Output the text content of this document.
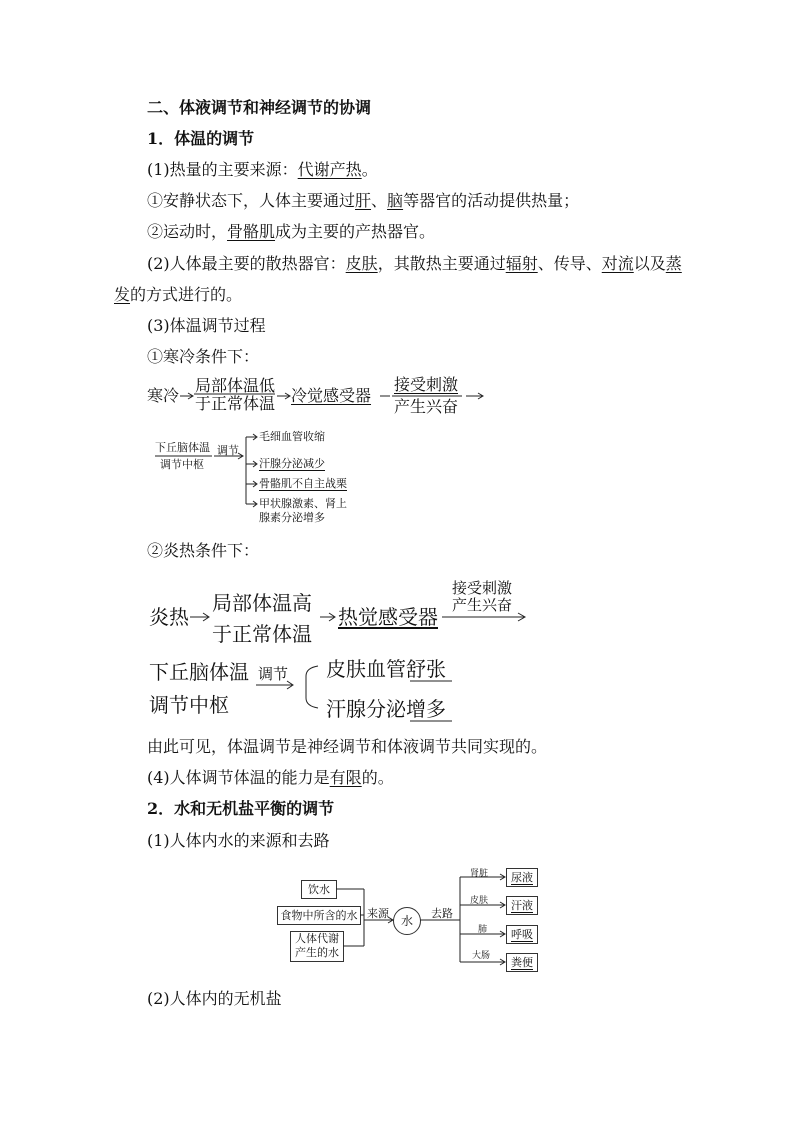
二、体液调节和神经调节的协调
1．体温的调节
(1)热量的主要来源：代谢产热。
①安静状态下，人体主要通过肝、脑等器官的活动提供热量；
②运动时，骨骼肌成为主要的产热器官。
(2)人体最主要的散热器官：皮肤，其散热主要通过辐射、传导、对流以及蒸
发的方式进行的。
(3)体温调节过程
①寒冷条件下：
寒冷
局部体温低
于正常体温 冷觉感受器
接受刺激
产生兴奋
下丘脑体温
调节中枢
调节
毛细血管收缩
汗腺分泌减少
骨骼肌不自主战栗
甲状腺激素、肾上
腺素分泌增多
②炎热条件下：
炎热
局部体温高
于正常体温
热觉感受器
接受刺激
产生兴奋
下丘脑体温
调节中枢
调节 皮肤血管舒张
汗腺分泌增多
由此可见，体温调节是神经调节和体液调节共同实现的。
(4)人体调节体温的能力是有限的。
2．水和无机盐平衡的调节
(1)人体内水的来源和去路
饮水
食物中所含的水
人体代谢产生的水
来源
水
去路
肾脏
皮肤
肺
大肠
尿液
汗液
呼吸
粪便
(2)人体内的无机盐
